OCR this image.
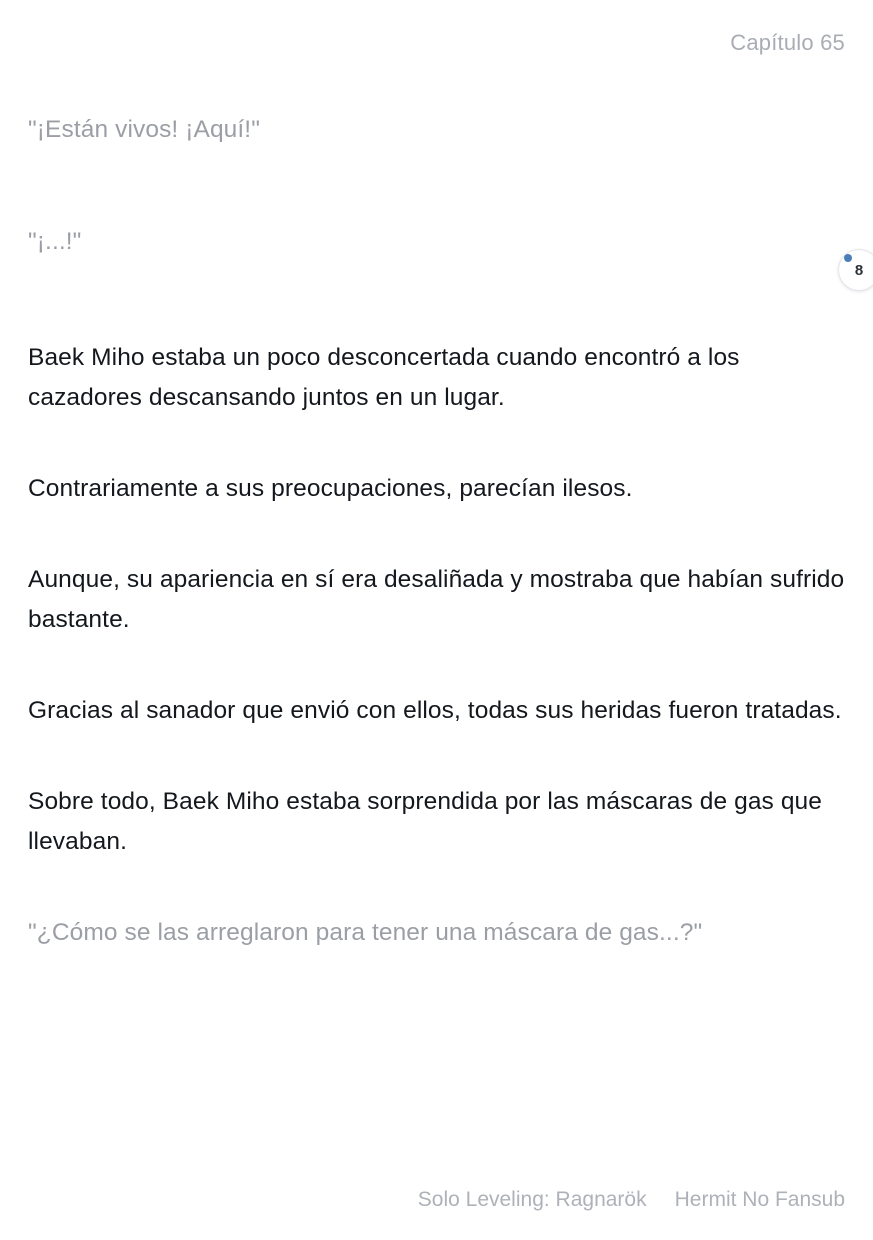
Capítulo 65

"¡Están vivos! ¡Aquí!"

"¡...!"

Baek Miho estaba un poco desconcertada cuando encontró a los cazadores descansando juntos en un lugar.

Contrariamente a sus preocupaciones, parecían ilesos.

Aunque, su apariencia en sí era desaliñada y mostraba que habían sufrido bastante.

Gracias al sanador que envió con ellos, todas sus heridas fueron tratadas.

Sobre todo, Baek Miho estaba sorprendida por las máscaras de gas que llevaban.

"¿Cómo se las arreglaron para tener una máscara de gas...?"

8
Solo Leveling: Ragnarök Hermit No Fansub
